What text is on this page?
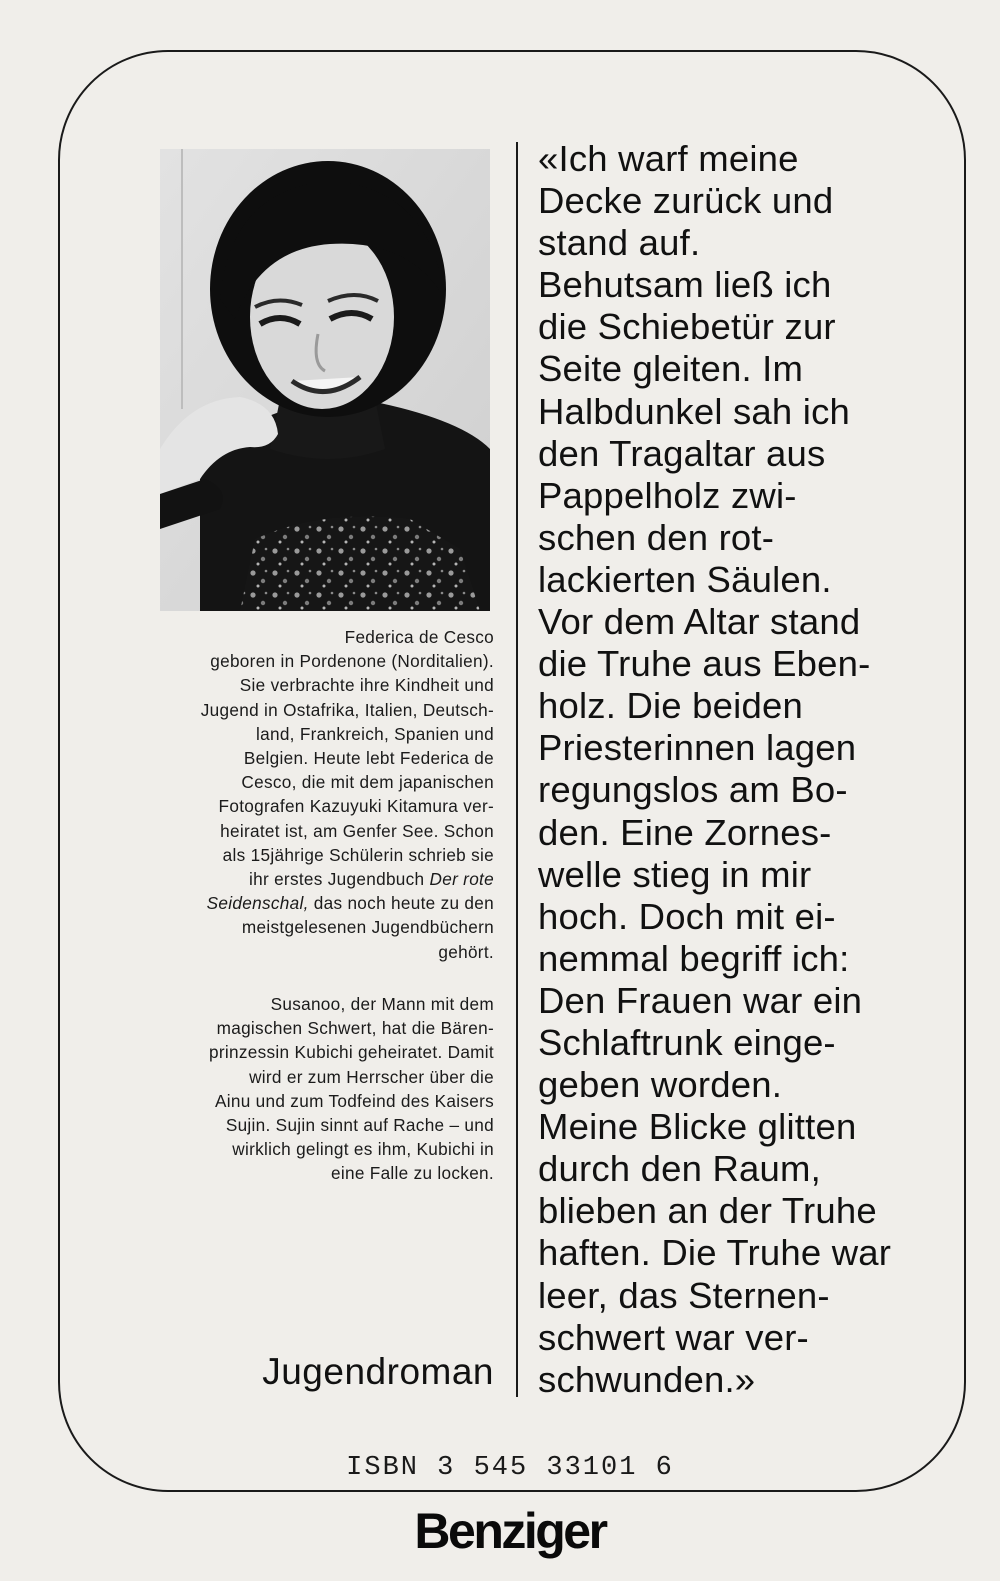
Federica de Cesco
geboren in Pordenone (Norditalien).
Sie verbrachte ihre Kindheit und
Jugend in Ostafrika, Italien, Deutsch-
land, Frankreich, Spanien und
Belgien. Heute lebt Federica de
Cesco, die mit dem japanischen
Fotografen Kazuyuki Kitamura ver-
heiratet ist, am Genfer See. Schon
als 15jährige Schülerin schrieb sie
ihr erstes Jugendbuch Der rote
Seidenschal, das noch heute zu den
meistgelesenen Jugendbüchern
gehört.
Susanoo, der Mann mit dem
magischen Schwert, hat die Bären-
prinzessin Kubichi geheiratet. Damit
wird er zum Herrscher über die
Ainu und zum Todfeind des Kaisers
Sujin. Sujin sinnt auf Rache – und
wirklich gelingt es ihm, Kubichi in
eine Falle zu locken.
Jugendroman
«Ich warf meine
Decke zurück und
stand auf.
Behutsam ließ ich
die Schiebetür zur
Seite gleiten. Im
Halbdunkel sah ich
den Tragaltar aus
Pappelholz zwi-
schen den rot-
lackierten Säulen.
Vor dem Altar stand
die Truhe aus Eben-
holz. Die beiden
Priesterinnen lagen
regungslos am Bo-
den. Eine Zornes-
welle stieg in mir
hoch. Doch mit ei-
nemmal begriff ich:
Den Frauen war ein
Schlaftrunk einge-
geben worden.
Meine Blicke glitten
durch den Raum,
blieben an der Truhe
haften. Die Truhe war
leer, das Sternen-
schwert war ver-
schwunden.»
ISBN 3 545 33101 6
Benziger
